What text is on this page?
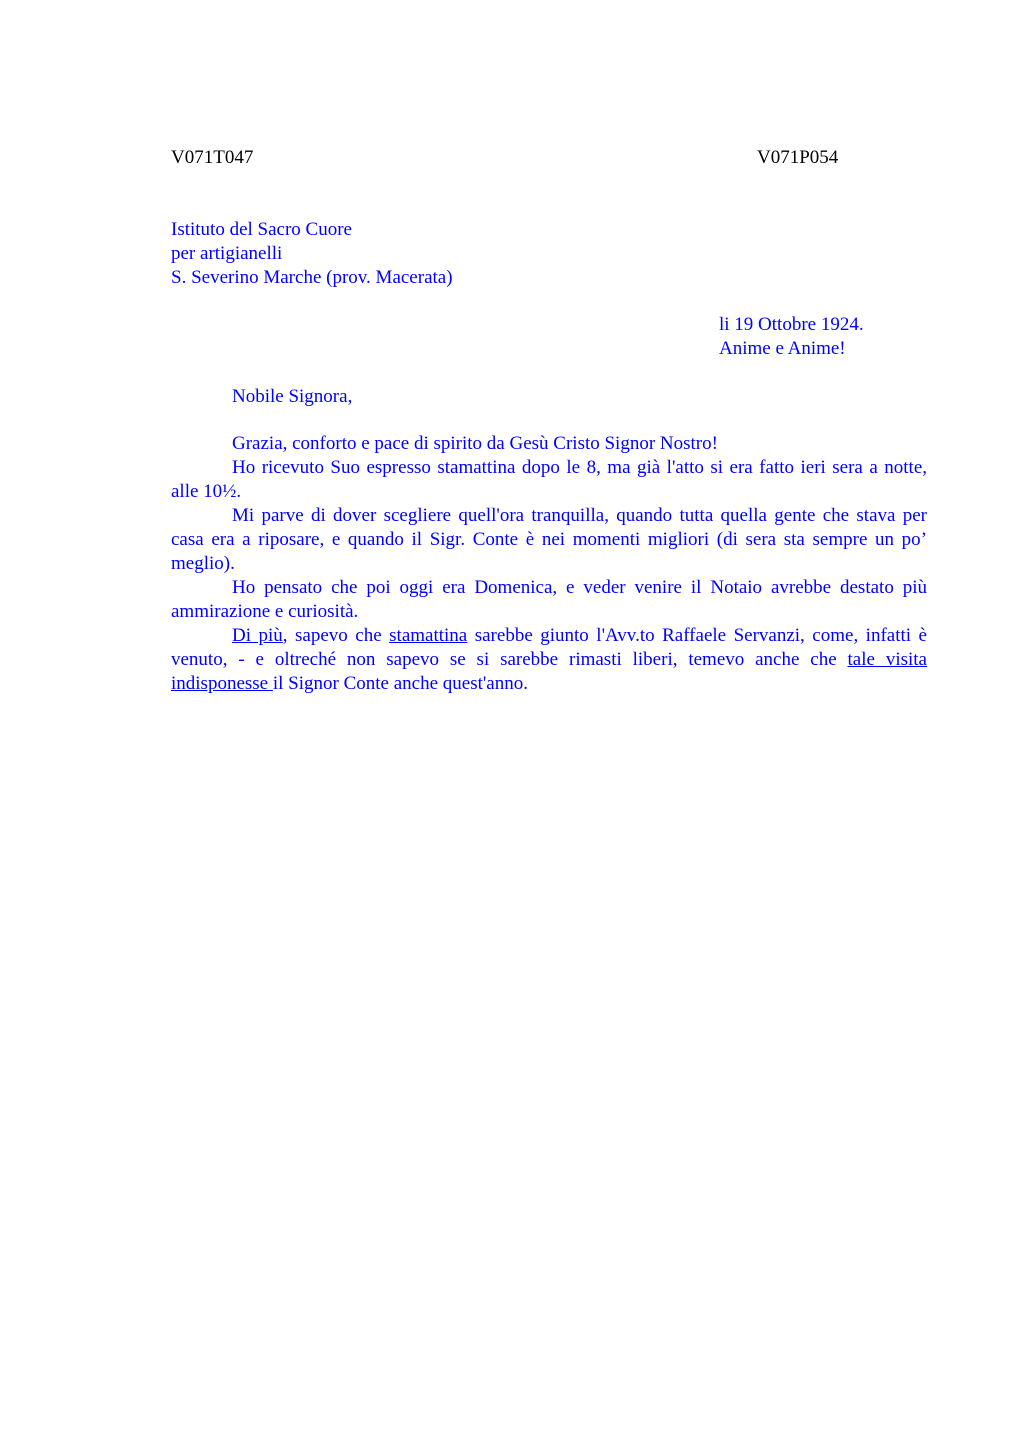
V071T047	V071P054
Istituto del Sacro Cuore
per artigianelli
S. Severino Marche (prov. Macerata)
li 19 Ottobre 1924.
Anime e Anime!
Nobile Signora,

Grazia, conforto e pace di spirito da Gesù Cristo Signor Nostro!

Ho ricevuto Suo espresso stamattina dopo le 8, ma già l'atto si era fatto ieri sera a notte, alle 10½.

Mi parve di dover scegliere quell'ora tranquilla, quando tutta quella gente che stava per casa era a riposare, e quando il Sigr. Conte è nei momenti migliori (di sera sta sempre un po’ meglio).

Ho pensato che poi oggi era Domenica, e veder venire il Notaio avrebbe destato più ammirazione e curiosità.

Di più, sapevo che stamattina sarebbe giunto l'Avv.to Raffaele Servanzi, come, infatti è venuto, - e oltreché non sapevo se si sarebbe rimasti liberi, temevo anche che tale visita indisponesse il Signor Conte anche quest'anno.
